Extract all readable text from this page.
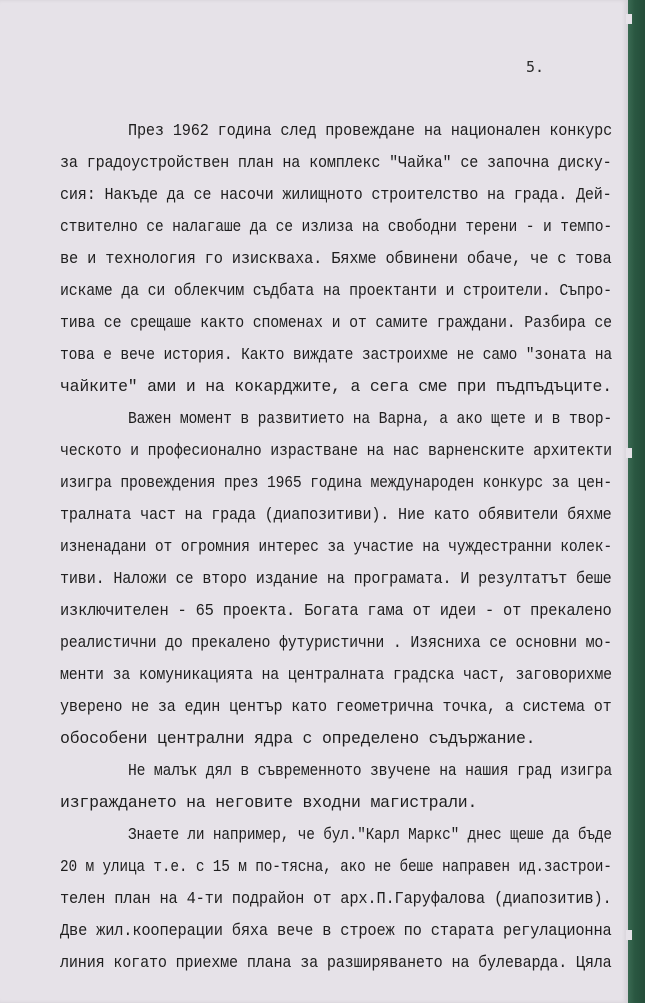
5.
През 1962 година след провеждане на национален конкурс
за градоустройствен план на комплекс "Чайка" се започна диску-
сия: Накъде да се насочи жилищното строителство на града. Дей-
ствително се налагаше да се излиза на свободни терени - и темпо-
ве и технология го изискваха. Бяхме обвинени обаче, че с това
искаме да си облекчим съдбата на проектанти и строители. Съпро-
тива се срещаше както споменах и от самите граждани. Разбира се
това е вече история. Както виждате застроихме не само "зоната на
чайките" ами и на кокарджите, а сега сме при пъдпъдъците.
Важен момент в развитието на Варна, а ако щете и в твор-
ческото и професионално израстване на нас варненските архитекти
изигра провеждения през 1965 година международен конкурс за цен-
тралната част на града (диапозитиви). Ние като обявители бяхме
изненадани от огромния интерес за участие на чуждестранни колек-
тиви. Наложи се второ издание на програмата. И резултатът беше
изключителен - 65 проекта. Богата гама от идеи - от прекалено
реалистични до прекалено футуристични . Изясниха се основни мо-
менти за комуникацията на централната градска част, заговорихме
уверено не за един център като геометрична точка, а система от
обособени централни ядра с определено съдържание.
Не малък дял в съвременното звучене на нашия град изигра
изграждането на неговите входни магистрали.
Знаете ли например, че бул."Карл Маркс" днес щеше да бъде
20 м улица т.е. с 15 м по-тясна, ако не беше направен ид.застрои-
телен план на 4-ти подрайон от арх.П.Гаруфалова (диапозитив).
Две жил.кооперации бяха вече в строеж по старата регулационна
линия когато приехме плана за разширяването на булеварда. Цяла
